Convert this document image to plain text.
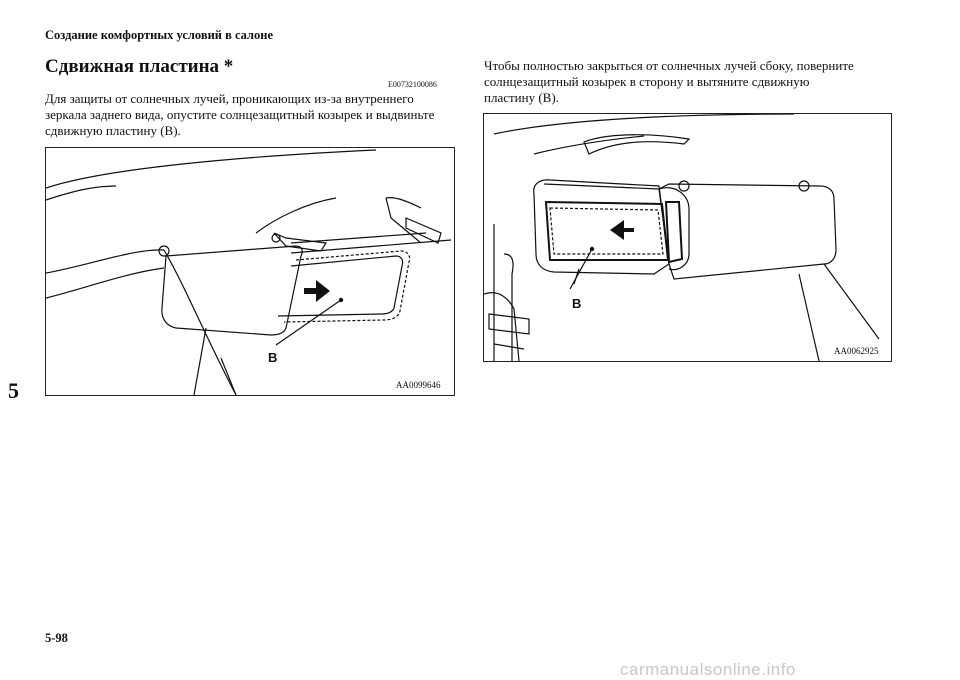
Создание комфортных условий в салоне
Сдвижная пластина *
E00732100086

Для защиты от солнечных лучей, проникающих из-за внутреннего

зеркала заднего вида, опустите солнцезащитный козырек и выдвиньте

сдвижную пластину (B).

Чтобы полностью закрыться от солнечных лучей сбоку, поверните

солнцезащитный козырек в сторону и вытяните сдвижную

пластину (B).

B
AA0099646
B
AA0062925
5
5-98
carmanualsonline.info
